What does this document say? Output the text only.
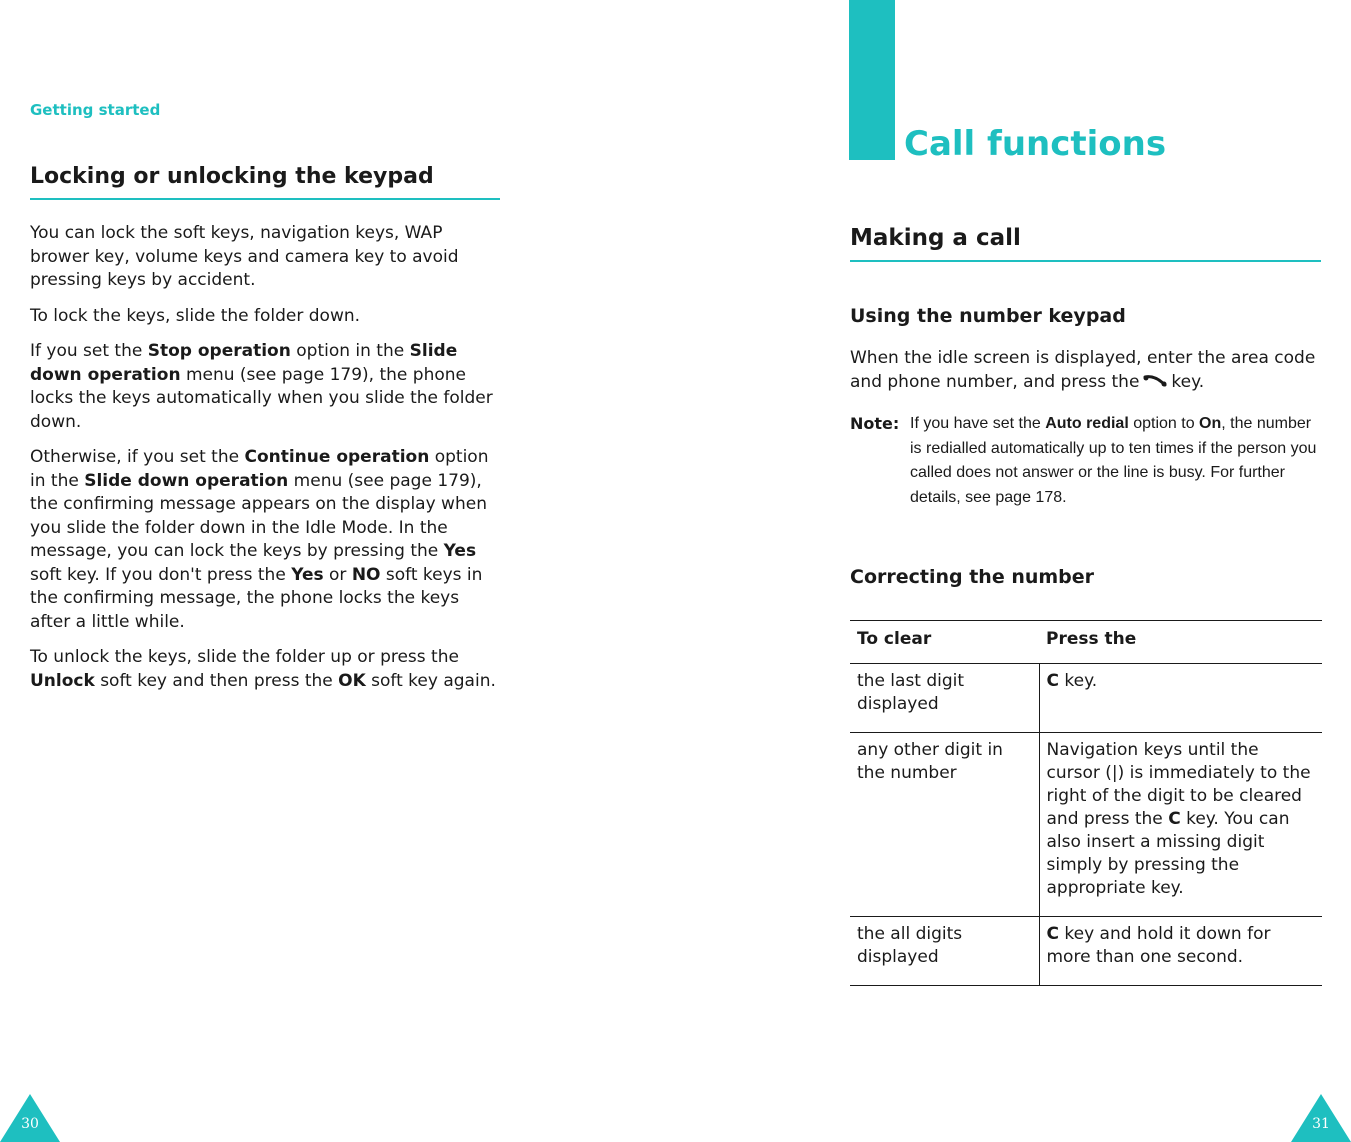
Getting started
Locking or unlocking the keypad

You can lock the soft keys, navigation keys, WAP brower key, volume keys and camera key to avoid pressing keys by accident.

To lock the keys, slide the folder down.

If you set the Stop operation option in the Slide down operation menu (see page 179), the phone locks the keys automatically when you slide the folder down.

Otherwise, if you set the Continue operation option in the Slide down operation menu (see page 179), the confirming message appears on the display when you slide the folder down in the Idle Mode. In the message, you can lock the keys by pressing the Yes soft key. If you don't press the Yes or NO soft keys in the confirming message, the phone locks the keys after a little while.

To unlock the keys, slide the folder up or press the Unlock soft key and then press the OK soft key again.

30
Call functions
Making a call
Using the number keypad

When the idle screen is displayed, enter the area code and phone number, and press the key.

Note: If you have set the Auto redial option to On, the number is redialled automatically up to ten times if the person you called does not answer or the line is busy. For further details, see page 178.
Correcting the number
To clear	Press the
the last digit displayed	C key.
any other digit in the number	Navigation keys until the cursor (|) is immediately to the right of the digit to be cleared and press the C key. You can also insert a missing digit simply by pressing the appropriate key.
the all digits displayed	C key and hold it down for more than one second.
31
